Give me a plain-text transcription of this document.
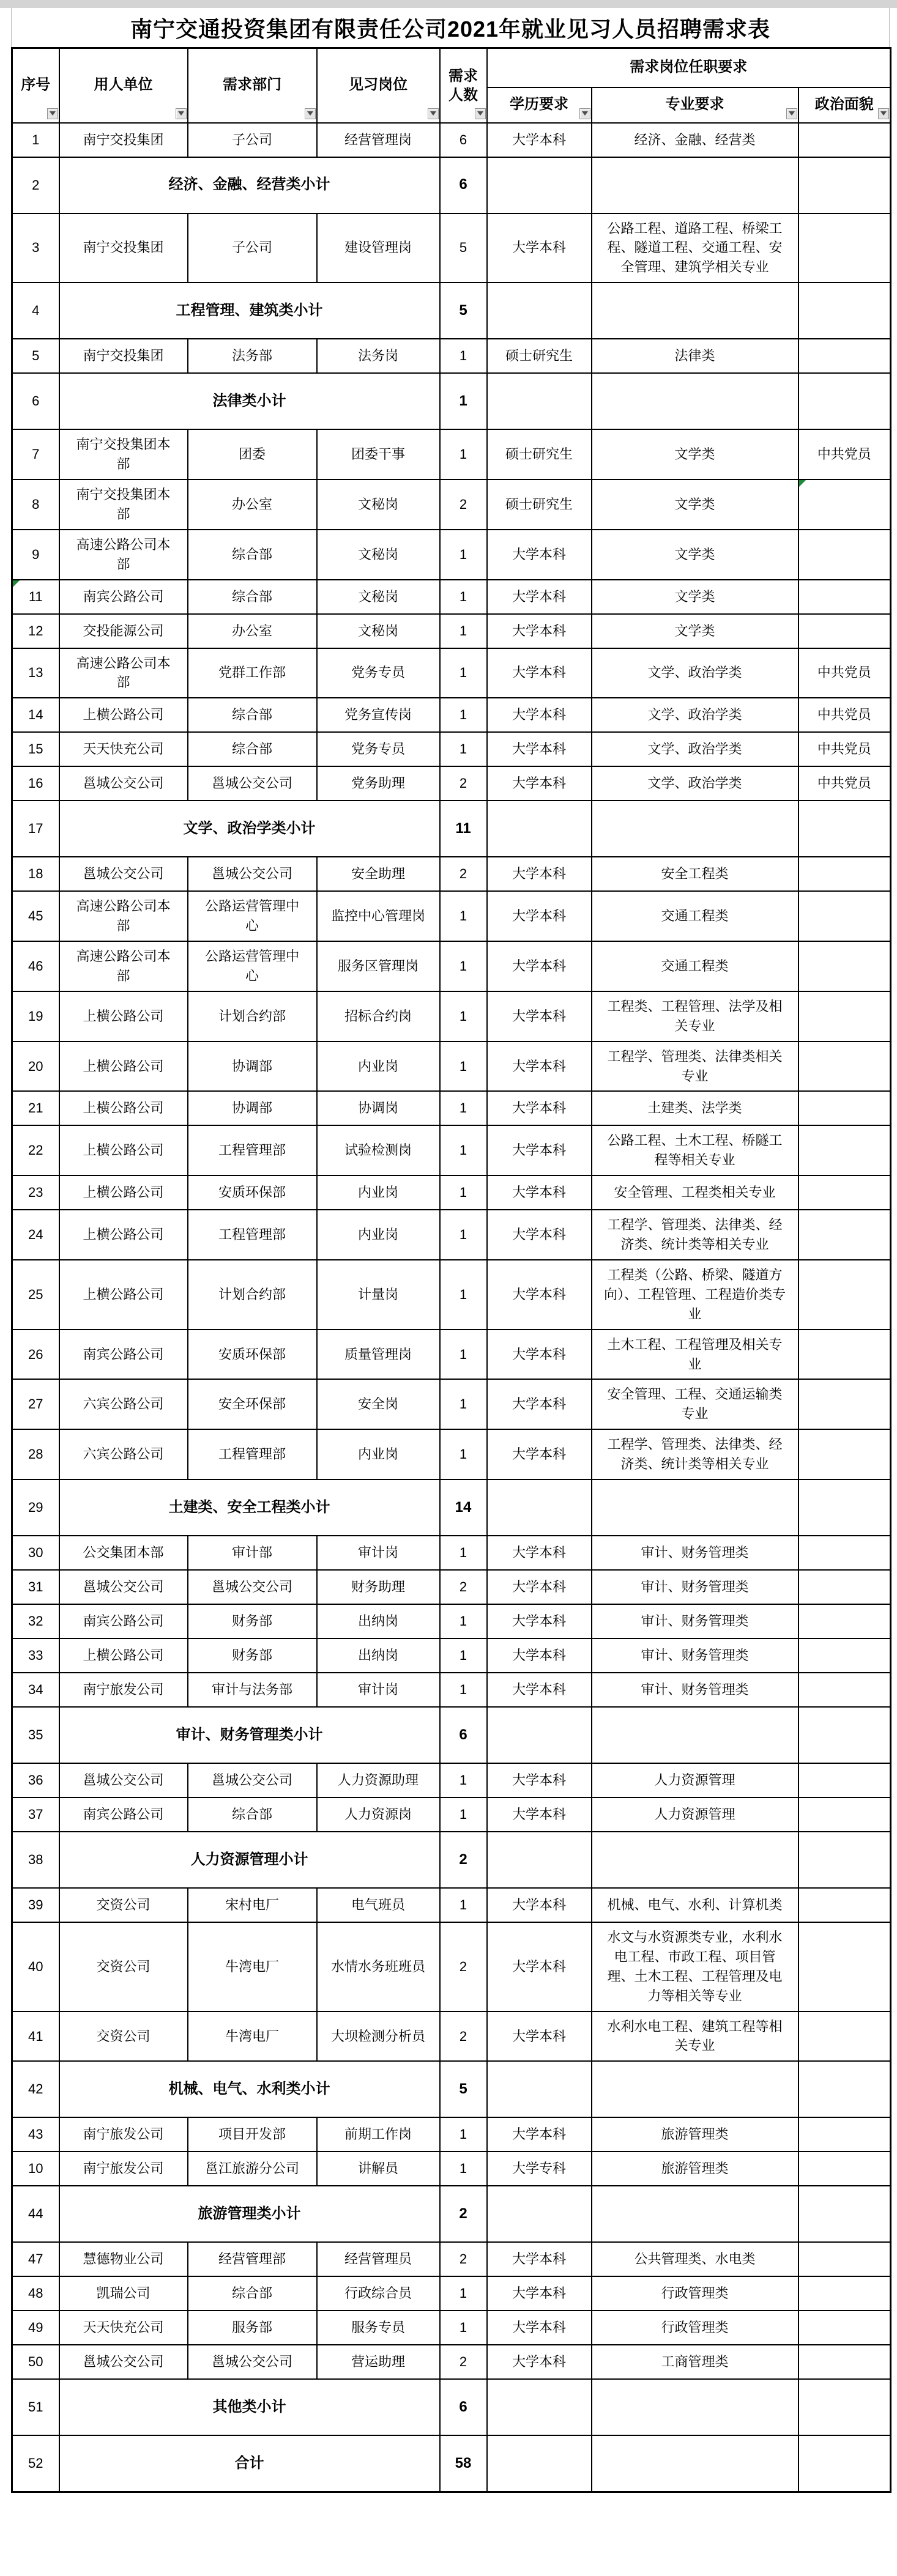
南宁交通投资集团有限责任公司2021年就业见习人员招聘需求表
序号	用人单位	需求部门	见习岗位	需求人数	需求岗位任职要求		
					学历要求	专业要求	政治面貌

1	南宁交投集团	子公司	经营管理岗	6	大学本科	经济、金融、经营类	
2	经济、金融、经营类小计			6			
3	南宁交投集团	子公司	建设管理岗	5	大学本科	公路工程、道路工程、桥梁工程、隧道工程、交通工程、安全管理、建筑学相关专业	
4	工程管理、建筑类小计			5			
5	南宁交投集团	法务部	法务岗	1	硕士研究生	法律类	
6	法律类小计			1			
7	南宁交投集团本部	团委	团委干事	1	硕士研究生	文学类	中共党员
8	南宁交投集团本部	办公室	文秘岗	2	硕士研究生	文学类	
9	高速公路公司本部	综合部	文秘岗	1	大学本科	文学类	
11	南宾公路公司	综合部	文秘岗	1	大学本科	文学类	
12	交投能源公司	办公室	文秘岗	1	大学本科	文学类	
13	高速公路公司本部	党群工作部	党务专员	1	大学本科	文学、政治学类	中共党员
14	上横公路公司	综合部	党务宣传岗	1	大学本科	文学、政治学类	中共党员
15	天天快充公司	综合部	党务专员	1	大学本科	文学、政治学类	中共党员
16	邕城公交公司	邕城公交公司	党务助理	2	大学本科	文学、政治学类	中共党员
17	文学、政治学类小计			11			
18	邕城公交公司	邕城公交公司	安全助理	2	大学本科	安全工程类	
45	高速公路公司本部	公路运营管理中心	监控中心管理岗	1	大学本科	交通工程类	
46	高速公路公司本部	公路运营管理中心	服务区管理岗	1	大学本科	交通工程类	
19	上横公路公司	计划合约部	招标合约岗	1	大学本科	工程类、工程管理、法学及相关专业	
20	上横公路公司	协调部	内业岗	1	大学本科	工程学、管理类、法律类相关专业	
21	上横公路公司	协调部	协调岗	1	大学本科	土建类、法学类	
22	上横公路公司	工程管理部	试验检测岗	1	大学本科	公路工程、土木工程、桥隧工程等相关专业	
23	上横公路公司	安质环保部	内业岗	1	大学本科	安全管理、工程类相关专业	
24	上横公路公司	工程管理部	内业岗	1	大学本科	工程学、管理类、法律类、经济类、统计类等相关专业	
25	上横公路公司	计划合约部	计量岗	1	大学本科	工程类（公路、桥梁、隧道方向）、工程管理、工程造价类专业	
26	南宾公路公司	安质环保部	质量管理岗	1	大学本科	土木工程、工程管理及相关专业	
27	六宾公路公司	安全环保部	安全岗	1	大学本科	安全管理、工程、交通运输类专业	
28	六宾公路公司	工程管理部	内业岗	1	大学本科	工程学、管理类、法律类、经济类、统计类等相关专业	
29	土建类、安全工程类小计			14			
30	公交集团本部	审计部	审计岗	1	大学本科	审计、财务管理类	
31	邕城公交公司	邕城公交公司	财务助理	2	大学本科	审计、财务管理类	
32	南宾公路公司	财务部	出纳岗	1	大学本科	审计、财务管理类	
33	上横公路公司	财务部	出纳岗	1	大学本科	审计、财务管理类	
34	南宁旅发公司	审计与法务部	审计岗	1	大学本科	审计、财务管理类	
35	审计、财务管理类小计			6			
36	邕城公交公司	邕城公交公司	人力资源助理	1	大学本科	人力资源管理	
37	南宾公路公司	综合部	人力资源岗	1	大学本科	人力资源管理	
38	人力资源管理小计			2			
39	交资公司	宋村电厂	电气班员	1	大学本科	机械、电气、水利、计算机类	
40	交资公司	牛湾电厂	水情水务班班员	2	大学本科	水文与水资源类专业，水利水电工程、市政工程、项目管理、土木工程、工程管理及电力等相关等专业	
41	交资公司	牛湾电厂	大坝检测分析员	2	大学本科	水利水电工程、建筑工程等相关专业	
42	机械、电气、水利类小计			5			
43	南宁旅发公司	项目开发部	前期工作岗	1	大学本科	旅游管理类	
10	南宁旅发公司	邕江旅游分公司	讲解员	1	大学专科	旅游管理类	
44	旅游管理类小计			2			
47	慧德物业公司	经营管理部	经营管理员	2	大学本科	公共管理类、水电类	
48	凯瑞公司	综合部	行政综合员	1	大学本科	行政管理类	
49	天天快充公司	服务部	服务专员	1	大学本科	行政管理类	
50	邕城公交公司	邕城公交公司	营运助理	2	大学本科	工商管理类	
51	其他类小计			6			
52	合计			58			
